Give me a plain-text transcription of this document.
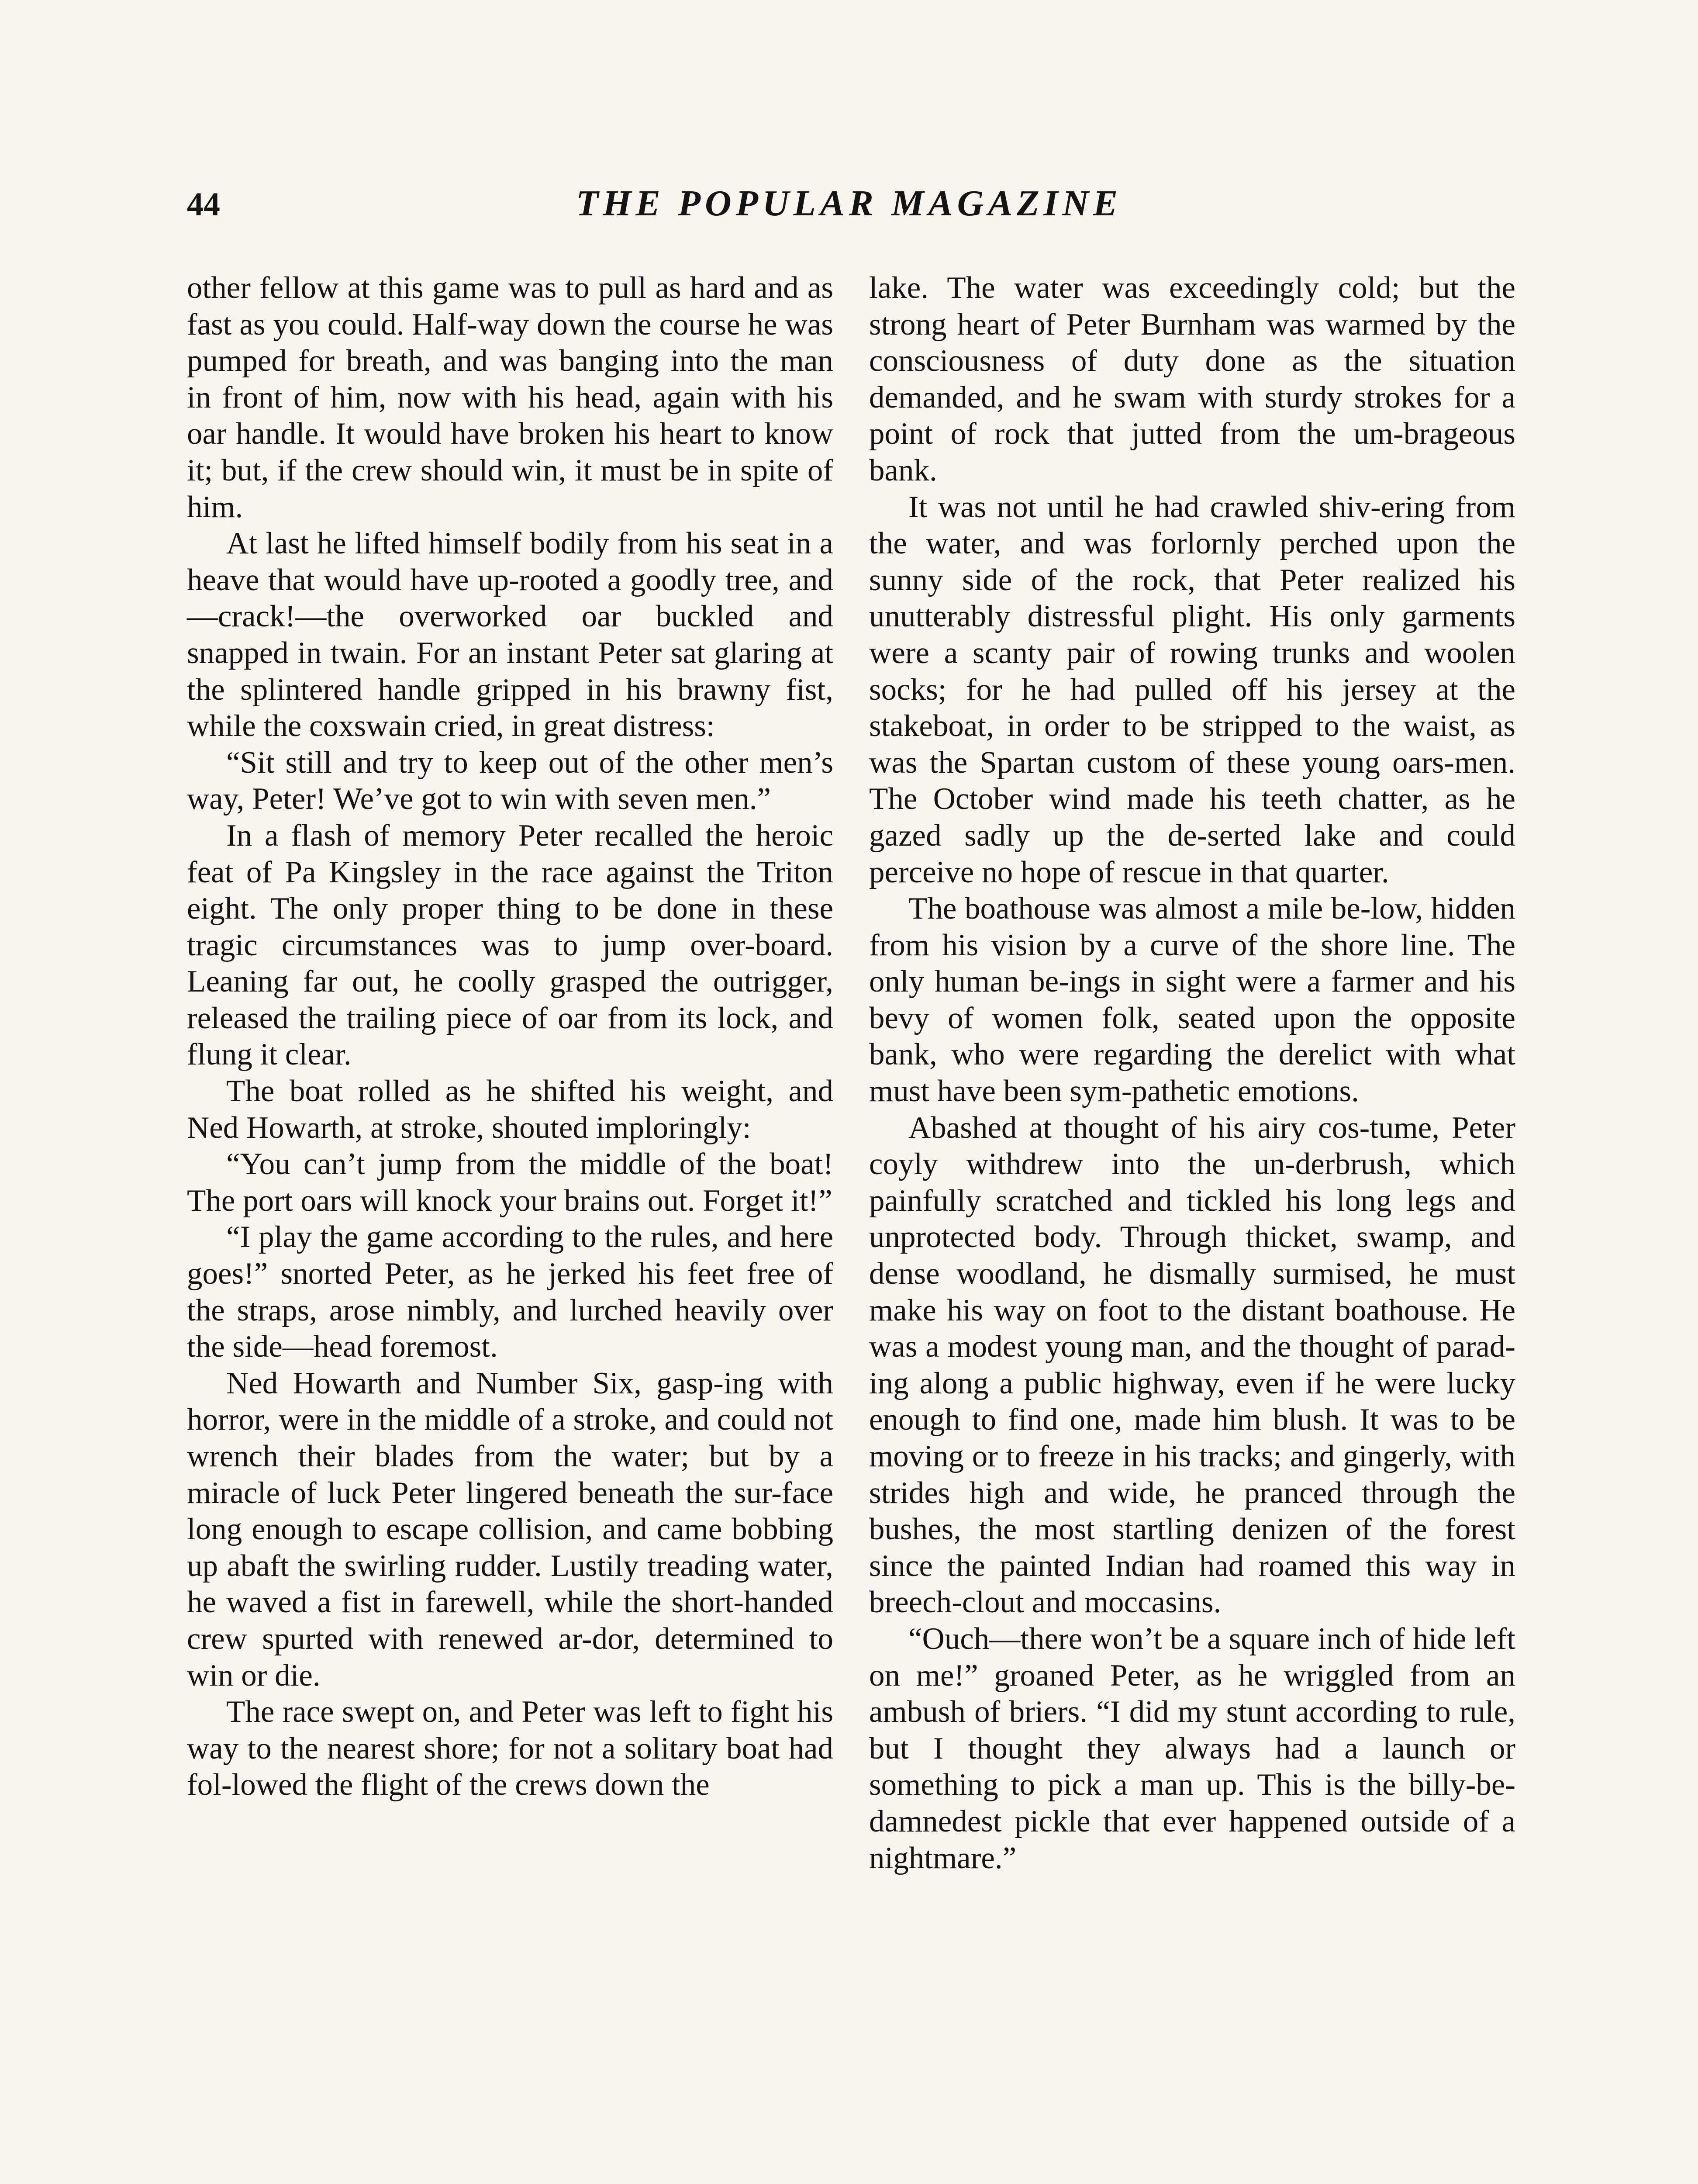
44	THE POPULAR MAGAZINE

other fellow at this game was to pull as hard and as fast as you could. Half-way down the course he was pumped for breath, and was banging into the man in front of him, now with his head, again with his oar handle. It would have broken his heart to know it; but, if the crew should win, it must be in spite of him.

At last he lifted himself bodily from his seat in a heave that would have up-rooted a goodly tree, and—crack!—the overworked oar buckled and snapped in twain. For an instant Peter sat glaring at the splintered handle gripped in his brawny fist, while the coxswain cried, in great distress:

“Sit still and try to keep out of the other men’s way, Peter! We’ve got to win with seven men.”

In a flash of memory Peter recalled the heroic feat of Pa Kingsley in the race against the Triton eight. The only proper thing to be done in these tragic circumstances was to jump over-board. Leaning far out, he coolly grasped the outrigger, released the trailing piece of oar from its lock, and flung it clear.

The boat rolled as he shifted his weight, and Ned Howarth, at stroke, shouted imploringly:

“You can’t jump from the middle of the boat! The port oars will knock your brains out. Forget it!”

“I play the game according to the rules, and here goes!” snorted Peter, as he jerked his feet free of the straps, arose nimbly, and lurched heavily over the side—head foremost.

Ned Howarth and Number Six, gasp-ing with horror, were in the middle of a stroke, and could not wrench their blades from the water; but by a miracle of luck Peter lingered beneath the sur-face long enough to escape collision, and came bobbing up abaft the swirling rudder. Lustily treading water, he waved a fist in farewell, while the short-handed crew spurted with renewed ar-dor, determined to win or die.

The race swept on, and Peter was left to fight his way to the nearest shore; for not a solitary boat had fol-lowed the flight of the crews down the

lake. The water was exceedingly cold; but the strong heart of Peter Burnham was warmed by the consciousness of duty done as the situation demanded, and he swam with sturdy strokes for a point of rock that jutted from the um-brageous bank.

It was not until he had crawled shiv-ering from the water, and was forlornly perched upon the sunny side of the rock, that Peter realized his unutterably distressful plight. His only garments were a scanty pair of rowing trunks and woolen socks; for he had pulled off his jersey at the stakeboat, in order to be stripped to the waist, as was the Spartan custom of these young oars-men. The October wind made his teeth chatter, as he gazed sadly up the de-serted lake and could perceive no hope of rescue in that quarter.

The boathouse was almost a mile be-low, hidden from his vision by a curve of the shore line. The only human be-ings in sight were a farmer and his bevy of women folk, seated upon the opposite bank, who were regarding the derelict with what must have been sym-pathetic emotions.

Abashed at thought of his airy cos-tume, Peter coyly withdrew into the un-derbrush, which painfully scratched and tickled his long legs and unprotected body. Through thicket, swamp, and dense woodland, he dismally surmised, he must make his way on foot to the distant boathouse. He was a modest young man, and the thought of parad-ing along a public highway, even if he were lucky enough to find one, made him blush. It was to be moving or to freeze in his tracks; and gingerly, with strides high and wide, he pranced through the bushes, the most startling denizen of the forest since the painted Indian had roamed this way in breech-clout and moccasins.

“Ouch—there won’t be a square inch of hide left on me!” groaned Peter, as he wriggled from an ambush of briers. “I did my stunt according to rule, but I thought they always had a launch or something to pick a man up. This is the billy-be-damnedest pickle that ever happened outside of a nightmare.”
